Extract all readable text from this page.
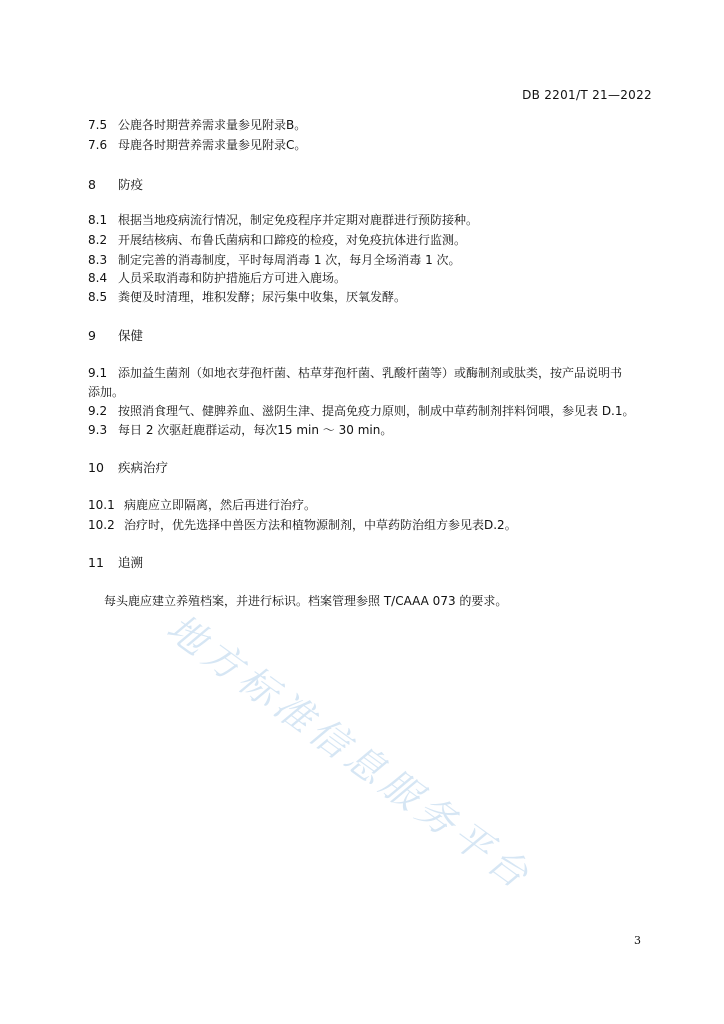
DB 2201/T 21—2022
7.5 公鹿各时期营养需求量参见附录B。
7.6 母鹿各时期营养需求量参见附录C。
8 防疫
8.1 根据当地疫病流行情况，制定免疫程序并定期对鹿群进行预防接种。
8.2 开展结核病、布鲁氏菌病和口蹄疫的检疫，对免疫抗体进行监测。
8.3 制定完善的消毒制度，平时每周消毒 1 次，每月全场消毒 1 次。
8.4 人员采取消毒和防护措施后方可进入鹿场。
8.5 粪便及时清理，堆积发酵；尿污集中收集，厌氧发酵。
9 保健
9.1 添加益生菌剂（如地衣芽孢杆菌、枯草芽孢杆菌、乳酸杆菌等）或酶制剂或肽类，按产品说明书
添加。
9.2 按照消食理气、健脾养血、滋阴生津、提高免疫力原则，制成中草药制剂拌料饲喂，参见表 D.1。
9.3 每日 2 次驱赶鹿群运动，每次15 min ～ 30 min。
10 疾病治疗
10.1 病鹿应立即隔离，然后再进行治疗。
10.2 治疗时，优先选择中兽医方法和植物源制剂，中草药防治组方参见表D.2。
11 追溯
每头鹿应建立养殖档案，并进行标识。档案管理参照 T/CAAA 073 的要求。
地方标准信息服务平台
3
